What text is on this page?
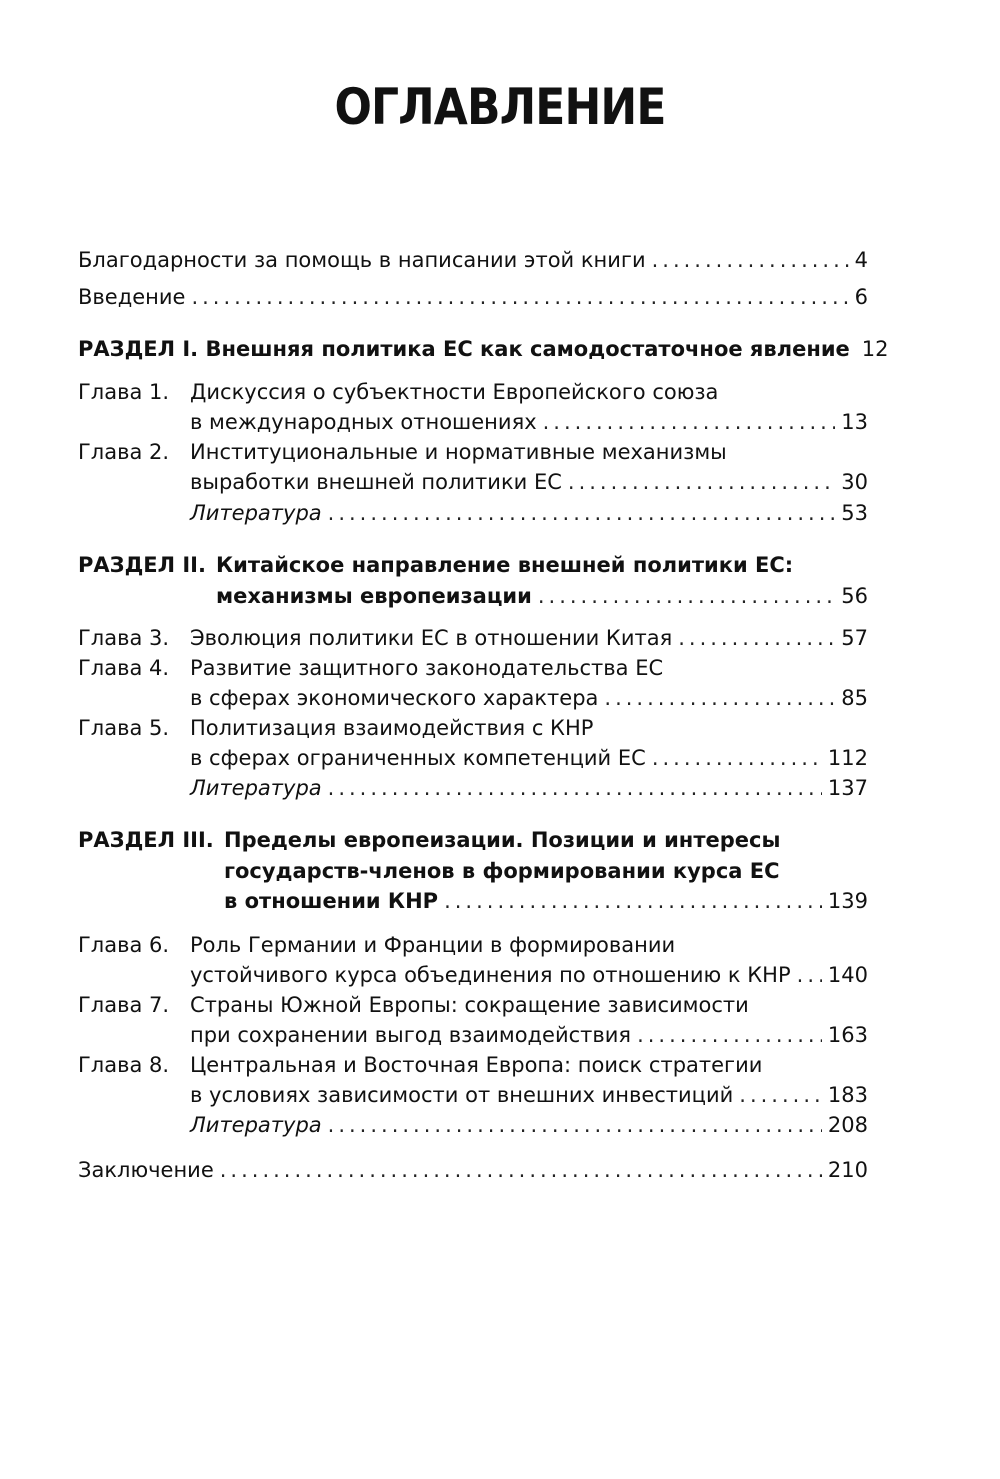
ОГЛАВЛЕНИЕ
Благодарности за помощь в написании этой книги .....	4
Введение .....	6
РАЗДЕЛ I. Внешняя политика ЕС как самодостаточное явление 12
Глава 1. Дискуссия о субъектности Европейского союза
в международных отношениях .....	13
Глава 2. Институциональные и нормативные механизмы
выработки внешней политики ЕС .....	30
Литература .....	53
РАЗДЕЛ II. Китайское направление внешней политики ЕС:
механизмы европеизации .....	56
Глава 3. Эволюция политики ЕС в отношении Китая .....	57
Глава 4. Развитие защитного законодательства ЕС
в сферах экономического характера .....	85
Глава 5. Политизация взаимодействия с КНР
в сферах ограниченных компетенций ЕС .....	112
Литература .....	137
РАЗДЕЛ III. Пределы европеизации. Позиции и интересы
государств-членов в формировании курса ЕС
в отношении КНР .....	139
Глава 6. Роль Германии и Франции в формировании
устойчивого курса объединения по отношению к КНР ..... 140
Глава 7. Страны Южной Европы: сокращение зависимости
при сохранении выгод взаимодействия .....	163
Глава 8. Центральная и Восточная Европа: поиск стратегии
в условиях зависимости от внешних инвестиций .....	183
Литература .....	208
Заключение .....	210
